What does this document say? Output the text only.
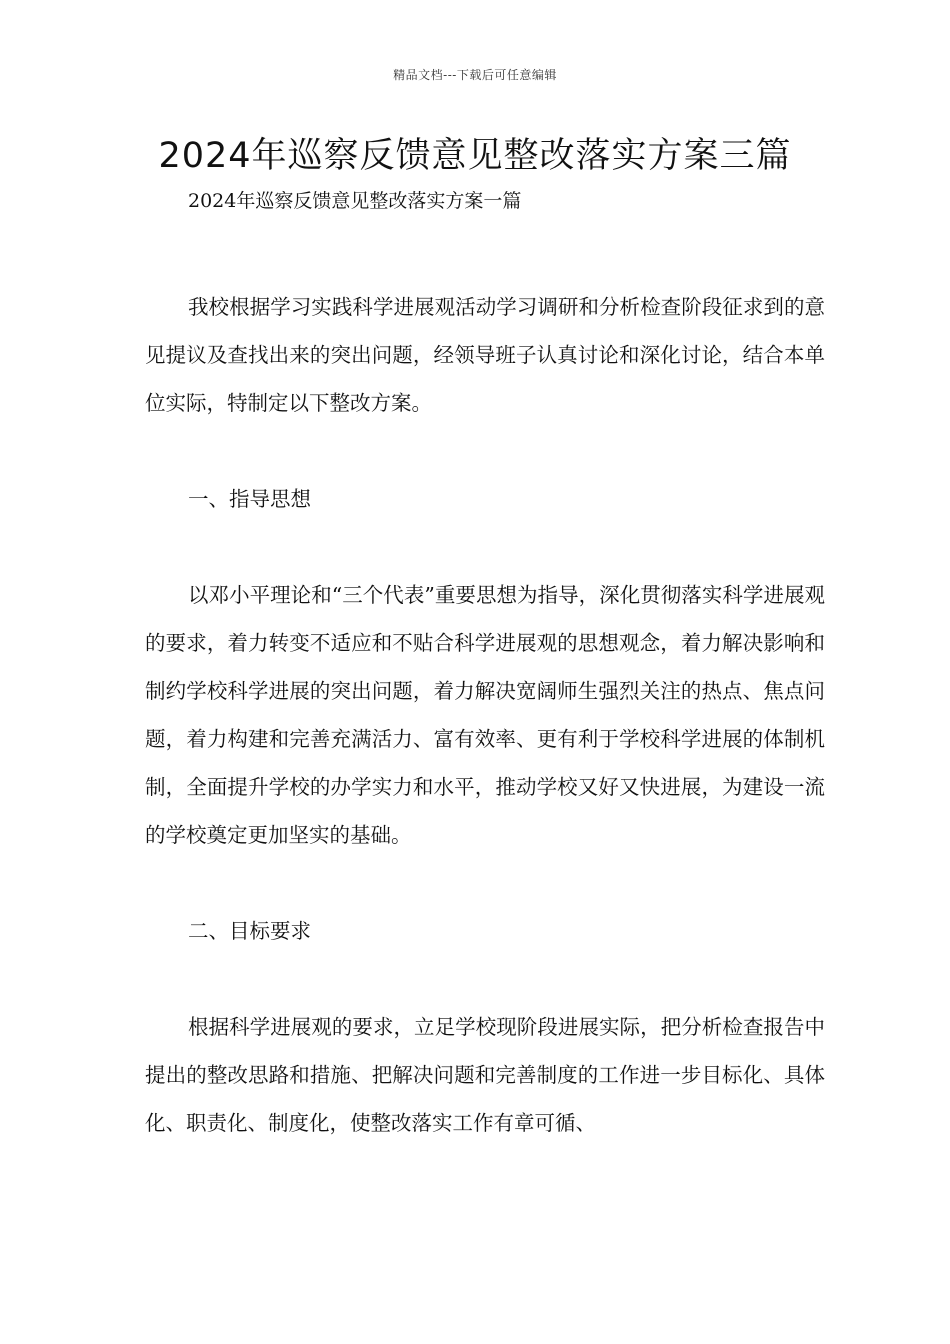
精品文档---下载后可任意编辑
2024年巡察反馈意见整改落实方案三篇
2024年巡察反馈意见整改落实方案一篇

我校根据学习实践科学进展观活动学习调研和分析检查阶段征求到的意见提议及查找出来的突出问题，经领导班子认真讨论和深化讨论，结合本单位实际，特制定以下整改方案。

一、指导思想

以邓小平理论和“三个代表”重要思想为指导，深化贯彻落实科学进展观的要求，着力转变不适应和不贴合科学进展观的思想观念，着力解决影响和制约学校科学进展的突出问题，着力解决宽阔师生强烈关注的热点、焦点问题，着力构建和完善充满活力、富有效率、更有利于学校科学进展的体制机制，全面提升学校的办学实力和水平，推动学校又好又快进展，为建设一流的学校奠定更加坚实的基础。

二、目标要求

根据科学进展观的要求，立足学校现阶段进展实际，把分析检查报告中提出的整改思路和措施、把解决问题和完善制度的工作进一步目标化、具体化、职责化、制度化，使整改落实工作有章可循、
